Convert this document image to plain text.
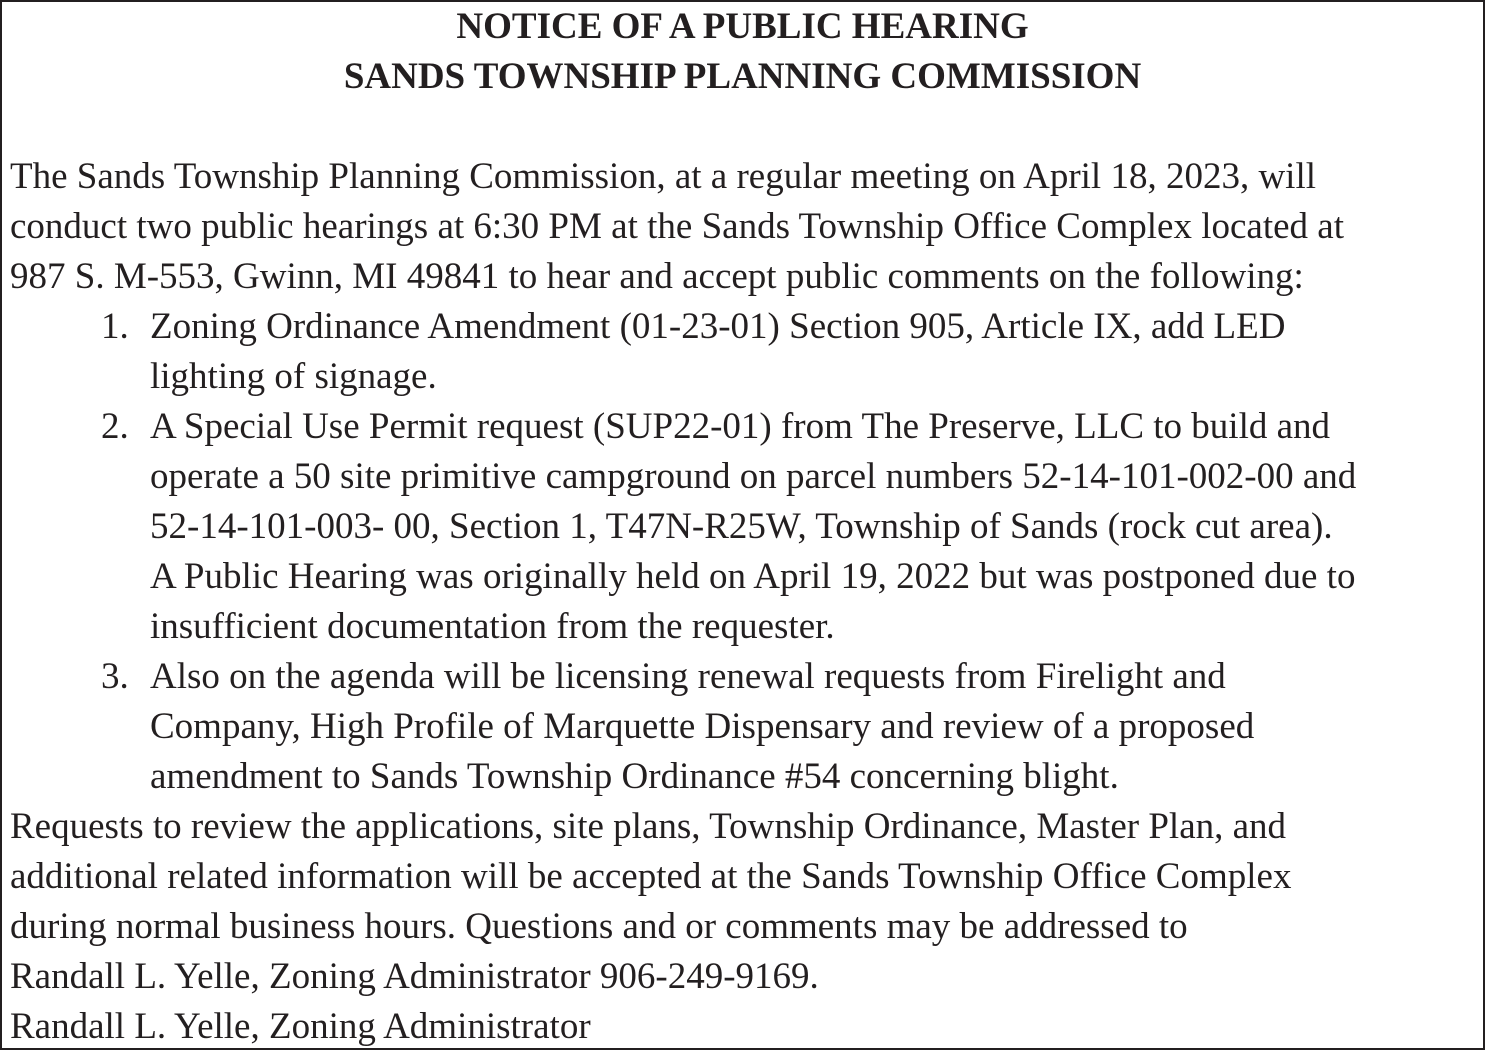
NOTICE OF A PUBLIC HEARING
SANDS TOWNSHIP PLANNING COMMISSION
The Sands Township Planning Commission, at a regular meeting on April 18, 2023, will
conduct two public hearings at 6:30 PM at the Sands Township Office Complex located at
987 S. M-553, Gwinn, MI 49841 to hear and accept public comments on the following:
1. Zoning Ordinance Amendment (01-23-01) Section 905, Article IX, add LED
lighting of signage.
2. A Special Use Permit request (SUP22-01) from The Preserve, LLC to build and
operate a 50 site primitive campground on parcel numbers 52-14-101-002-00 and
52-14-101-003- 00, Section 1, T47N-R25W, Township of Sands (rock cut area).
A Public Hearing was originally held on April 19, 2022 but was postponed due to
insufficient documentation from the requester.
3. Also on the agenda will be licensing renewal requests from Firelight and
Company, High Profile of Marquette Dispensary and review of a proposed
amendment to Sands Township Ordinance #54 concerning blight.
Requests to review the applications, site plans, Township Ordinance, Master Plan, and
additional related information will be accepted at the Sands Township Office Complex
during normal business hours. Questions and or comments may be addressed to
Randall L. Yelle, Zoning Administrator 906-249-9169.
Randall L. Yelle, Zoning Administrator
